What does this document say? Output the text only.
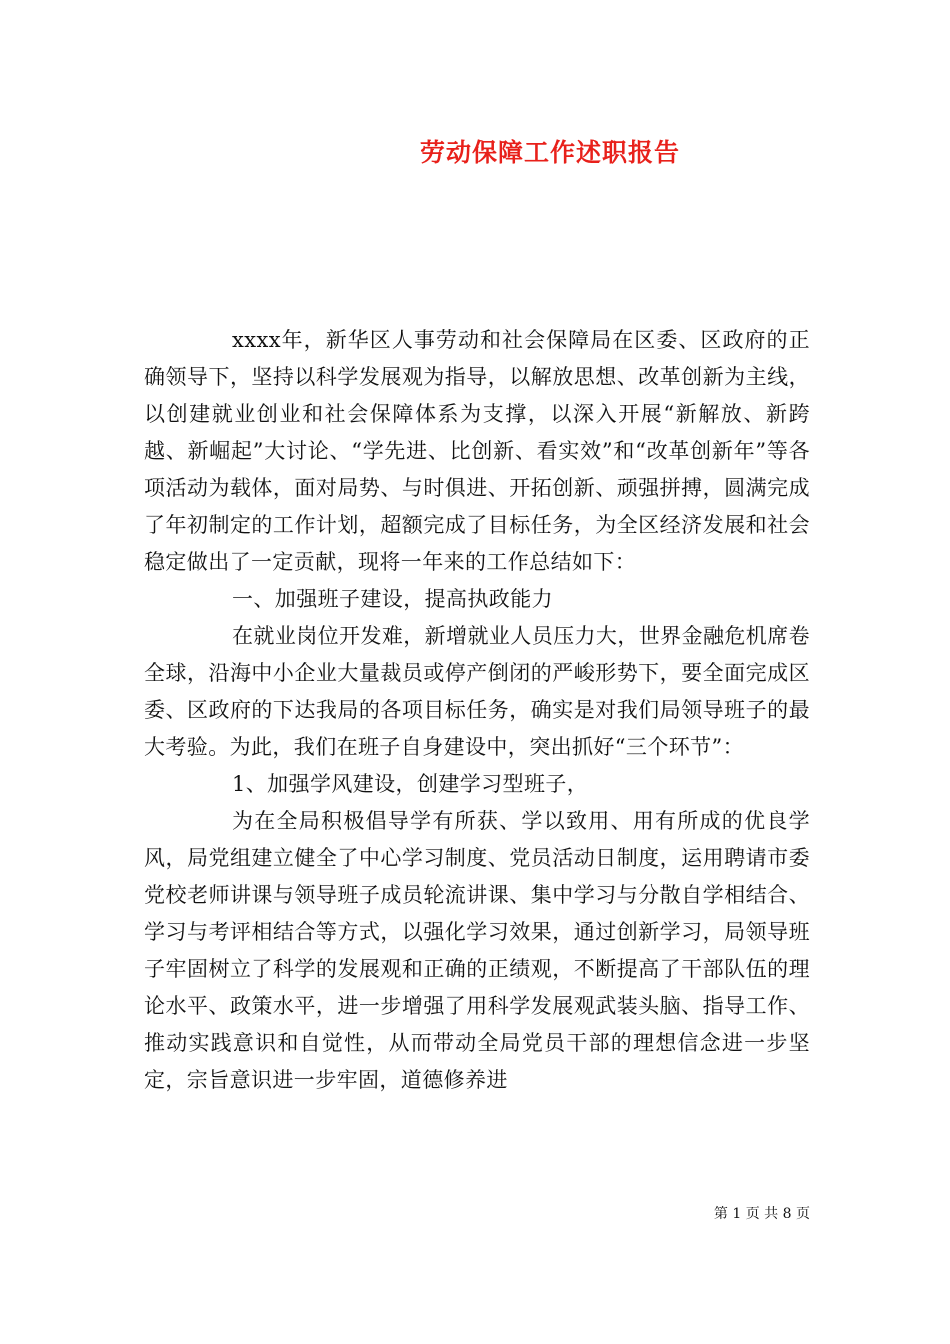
劳动保障工作述职报告

xxxx年，新华区人事劳动和社会保障局在区委、区政府的正确领导下，坚持以科学发展观为指导，以解放思想、改革创新为主线，以创建就业创业和社会保障体系为支撑，以深入开展“新解放、新跨越、新崛起”大讨论、“学先进、比创新、看实效”和“改革创新年”等各项活动为载体，面对局势、与时俱进、开拓创新、顽强拼搏，圆满完成了年初制定的工作计划，超额完成了目标任务，为全区经济发展和社会稳定做出了一定贡献，现将一年来的工作总结如下：

一、加强班子建设，提高执政能力

在就业岗位开发难，新增就业人员压力大，世界金融危机席卷全球，沿海中小企业大量裁员或停产倒闭的严峻形势下，要全面完成区委、区政府的下达我局的各项目标任务，确实是对我们局领导班子的最大考验。为此，我们在班子自身建设中，突出抓好“三个环节”：

1、加强学风建设，创建学习型班子，

为在全局积极倡导学有所获、学以致用、用有所成的优良学风，局党组建立健全了中心学习制度、党员活动日制度，运用聘请市委党校老师讲课与领导班子成员轮流讲课、集中学习与分散自学相结合、学习与考评相结合等方式，以强化学习效果，通过创新学习，局领导班子牢固树立了科学的发展观和正确的正绩观，不断提高了干部队伍的理论水平、政策水平，进一步增强了用科学发展观武装头脑、指导工作、推动实践意识和自觉性，从而带动全局党员干部的理想信念进一步坚定，宗旨意识进一步牢固，道德修养进

第 1 页 共 8 页
